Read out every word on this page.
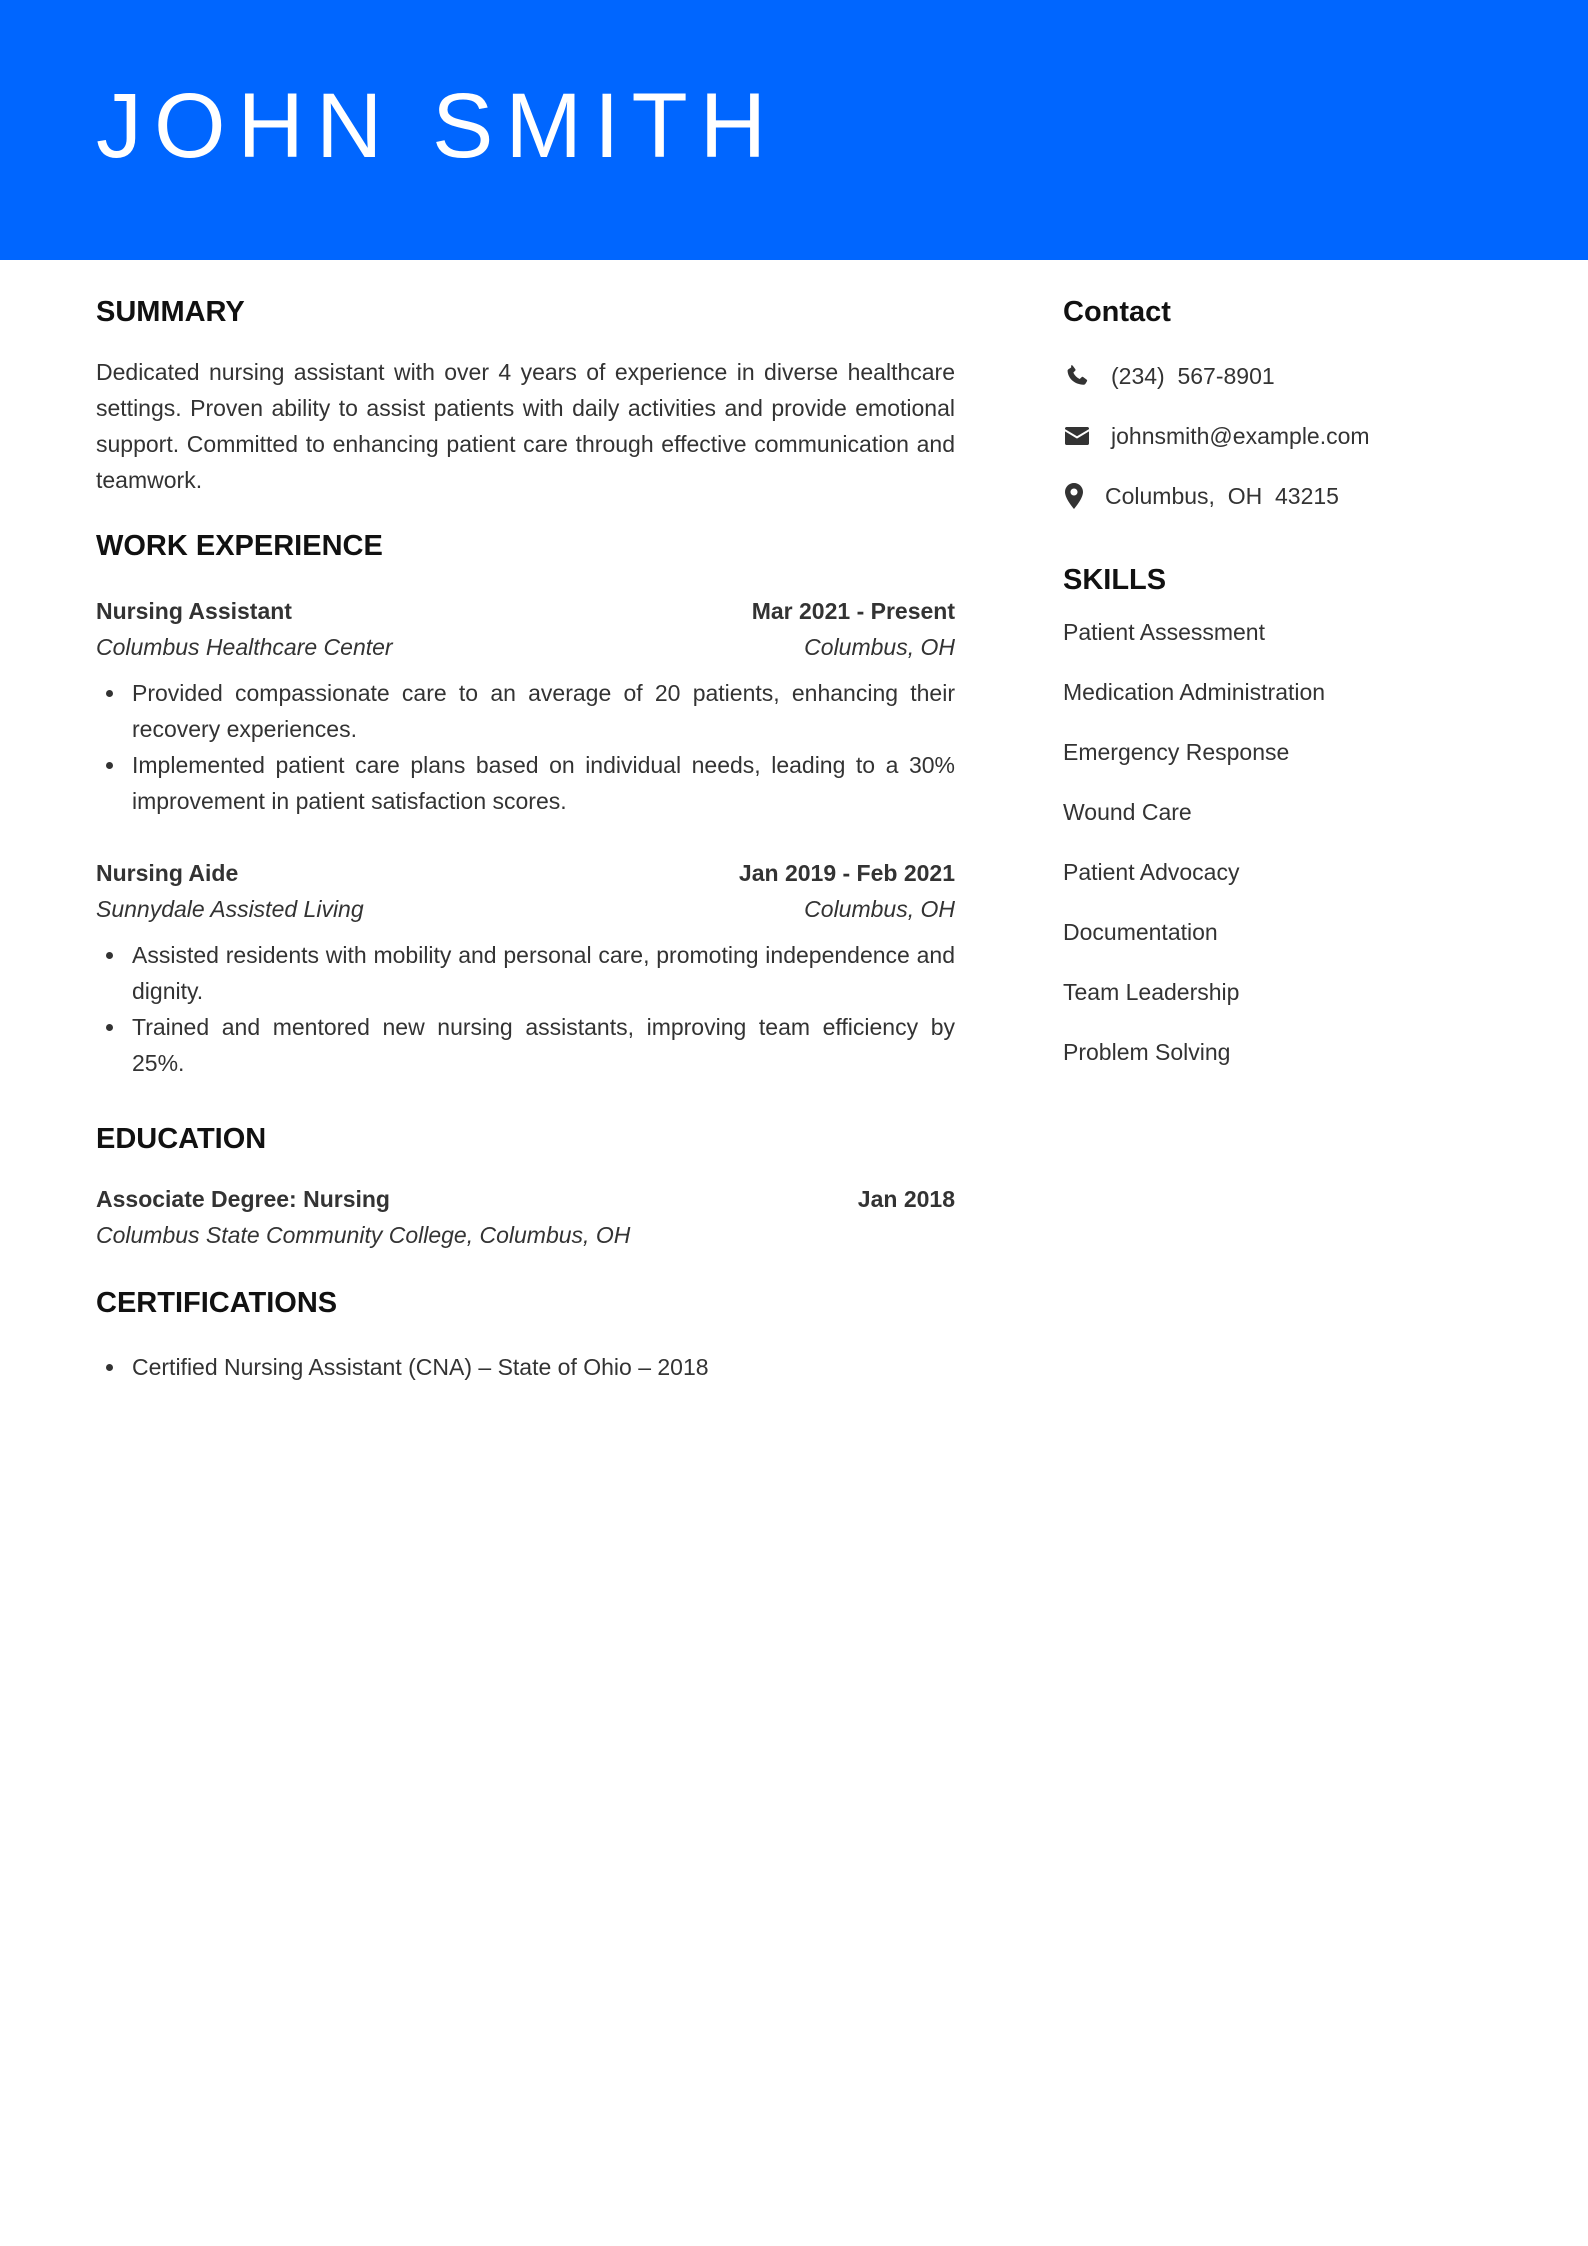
JOHN SMITH
SUMMARY

Dedicated nursing assistant with over 4 years of experience in diverse healthcare settings. Proven ability to assist patients with daily activities and provide emotional support. Committed to enhancing patient care through effective communication and teamwork.

WORK EXPERIENCE
Nursing Assistant	Mar 2021 - Present
Columbus Healthcare Center	Columbus, OH
Provided compassionate care to an average of 20 patients, enhancing their recovery experiences.
Implemented patient care plans based on individual needs, leading to a 30% improvement in patient satisfaction scores.
Nursing Aide	Jan 2019 - Feb 2021
Sunnydale Assisted Living	Columbus, OH
Assisted residents with mobility and personal care, promoting independence and dignity.
Trained and mentored new nursing assistants, improving team efficiency by 25%.
EDUCATION
Associate Degree: Nursing	Jan 2018
Columbus State Community College, Columbus, OH
CERTIFICATIONS
Certified Nursing Assistant (CNA) – State of Ohio – 2018
Contact
(234)  567-8901
johnsmith@example.com
Columbus,  OH  43215
SKILLS
Patient Assessment
Medication Administration
Emergency Response
Wound Care
Patient Advocacy
Documentation
Team Leadership
Problem Solving
